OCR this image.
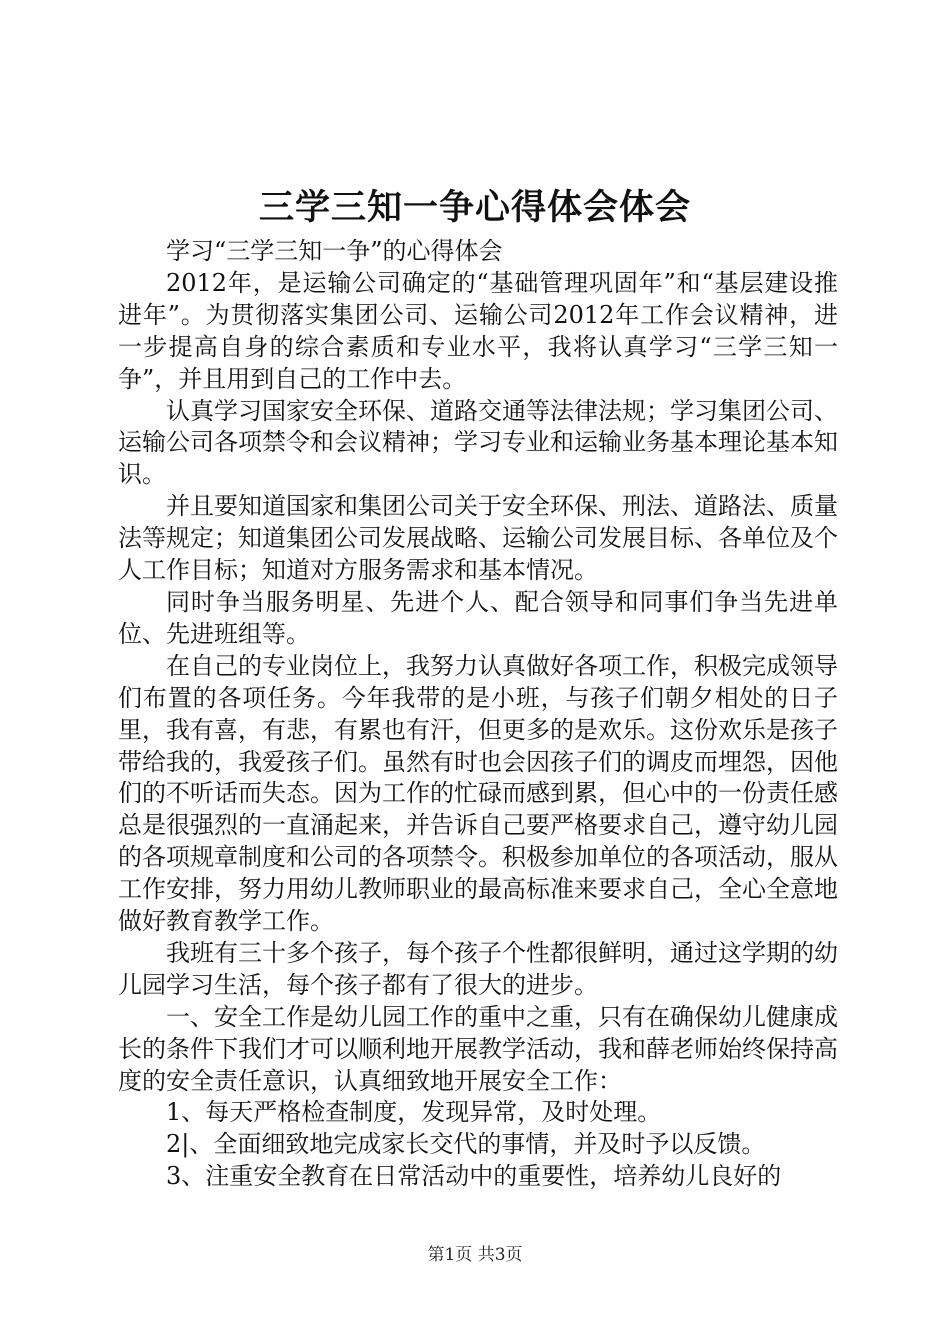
三学三知一争心得体会体会

学习“三学三知一争”的心得体会

2012年，是运输公司确定的“基础管理巩固年”和“基层建设推进年”。为贯彻落实集团公司、运输公司2012年工作会议精神，进一步提高自身的综合素质和专业水平，我将认真学习“三学三知一争”，并且用到自己的工作中去。

认真学习国家安全环保、道路交通等法律法规；学习集团公司、运输公司各项禁令和会议精神；学习专业和运输业务基本理论基本知识。

并且要知道国家和集团公司关于安全环保、刑法、道路法、质量法等规定；知道集团公司发展战略、运输公司发展目标、各单位及个人工作目标；知道对方服务需求和基本情况。

同时争当服务明星、先进个人、配合领导和同事们争当先进单位、先进班组等。

在自己的专业岗位上，我努力认真做好各项工作，积极完成领导们布置的各项任务。今年我带的是小班，与孩子们朝夕相处的日子里，我有喜，有悲，有累也有汗，但更多的是欢乐。这份欢乐是孩子带给我的，我爱孩子们。虽然有时也会因孩子们的调皮而埋怨，因他们的不听话而失态。因为工作的忙碌而感到累，但心中的一份责任感总是很强烈的一直涌起来，并告诉自己要严格要求自己，遵守幼儿园的各项规章制度和公司的各项禁令。积极参加单位的各项活动，服从工作安排，努力用幼儿教师职业的最高标准来要求自己，全心全意地做好教育教学工作。

我班有三十多个孩子，每个孩子个性都很鲜明，通过这学期的幼儿园学习生活，每个孩子都有了很大的进步。

一、安全工作是幼儿园工作的重中之重，只有在确保幼儿健康成长的条件下我们才可以顺利地开展教学活动，我和薛老师始终保持高度的安全责任意识，认真细致地开展安全工作：

1、每天严格检查制度，发现异常，及时处理。

2|、全面细致地完成家长交代的事情，并及时予以反馈。

3、注重安全教育在日常活动中的重要性，培养幼儿良好的

第1页 共3页
